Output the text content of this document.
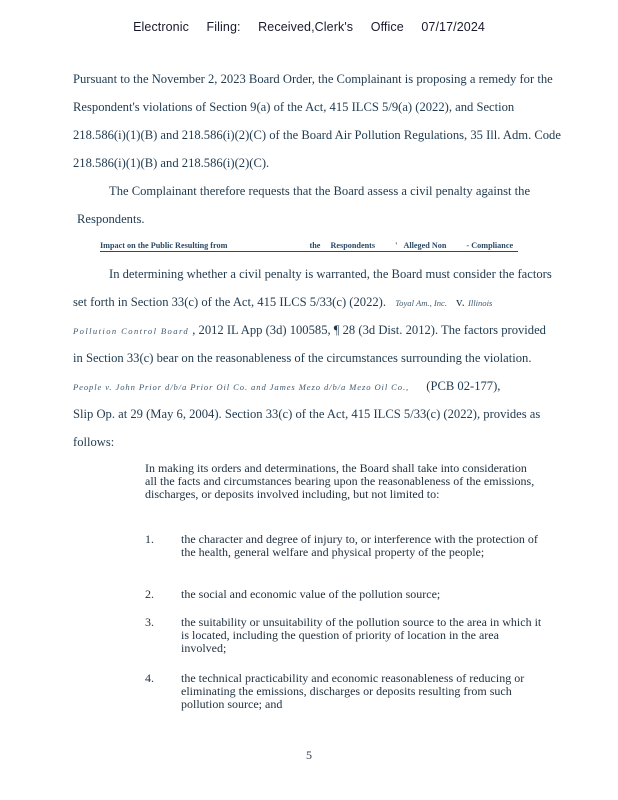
Electronic Filing: Received,Clerk's Office 07/17/2024
Pursuant to the November 2, 2023 Board Order, the Complainant is proposing a remedy for the
Respondent's violations of Section 9(a) of the Act, 415 ILCS 5/9(a) (2022), and Section
218.586(i)(1)(B) and 218.586(i)(2)(C) of the Board Air Pollution Regulations, 35 Ill. Adm. Code
218.586(i)(1)(B) and 218.586(i)(2)(C).
The Complainant therefore requests that the Board assess a civil penalty against the
Respondents.
In determining whether a civil penalty is warranted, the Board must consider the factors
set forth in Section 33(c) of the Act, 415 ILCS 5/33(c) (2022). Toyal Am., Inc. v. Illinois
Pollution Control Board , 2012 IL App (3d) 100585, ¶ 28 (3d Dist. 2012). The factors provided
in Section 33(c) bear on the reasonableness of the circumstances surrounding the violation.
People v. John Prior d/b/a Prior Oil Co. and James Mezo d/b/a Mezo Oil Co., (PCB 02-177),
Slip Op. at 29 (May 6, 2004). Section 33(c) of the Act, 415 ILCS 5/33(c) (2022), provides as
follows:
Impact on the Public Resulting from	the Respondents ' Alleged Non - Compliance
In making its orders and determinations, the Board shall take into consideration all the facts and circumstances bearing upon the reasonableness of the emissions, discharges, or deposits involved including, but not limited to:
1. the character and degree of injury to, or interference with the protection of the health, general welfare and physical property of the people;
2. the social and economic value of the pollution source;
3. the suitability or unsuitability of the pollution source to the area in which it is located, including the question of priority of location in the area involved;
4. the technical practicability and economic reasonableness of reducing or eliminating the emissions, discharges or deposits resulting from such pollution source; and
5
